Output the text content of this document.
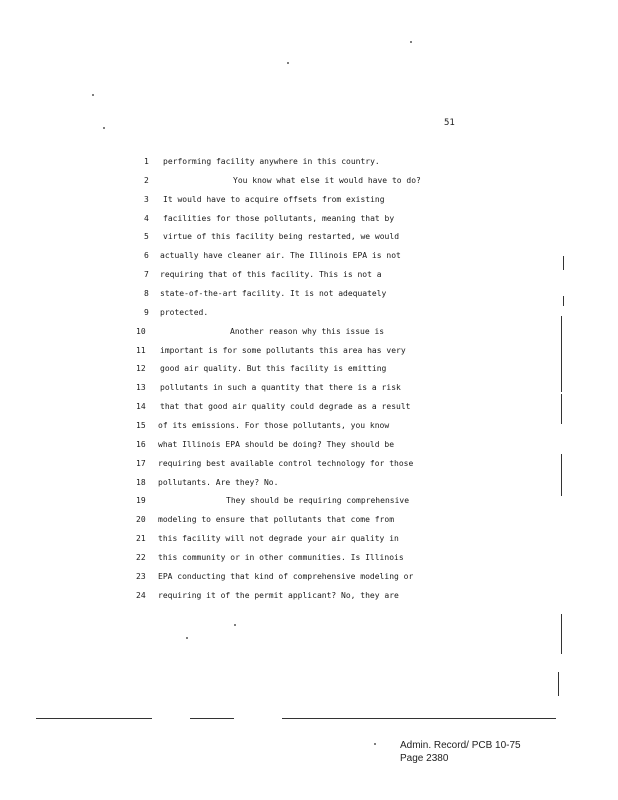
51
1 performing facility anywhere in this country.
2	You know what else it would have to do?
3 It would have to acquire offsets from existing
4 facilities for those pollutants, meaning that by
5 virtue of this facility being restarted, we would
6 actually have cleaner air. The Illinois EPA is not
7 requiring that of this facility. This is not a
8 state-of-the-art facility. It is not adequately
9 protected.
10	Another reason why this issue is
11 important is for some pollutants this area has very
12 good air quality. But this facility is emitting
13 pollutants in such a quantity that there is a risk
14 that that good air quality could degrade as a result
15 of its emissions. For those pollutants, you know
16 what Illinois EPA should be doing? They should be
17 requiring best available control technology for those
18 pollutants. Are they? No.
19	They should be requiring comprehensive
20 modeling to ensure that pollutants that come from
21 this facility will not degrade your air quality in
22 this community or in other communities. Is Illinois
23 EPA conducting that kind of comprehensive modeling or
24 requiring it of the permit applicant? No, they are
Admin. Record/ PCB 10-75
Page 2380
